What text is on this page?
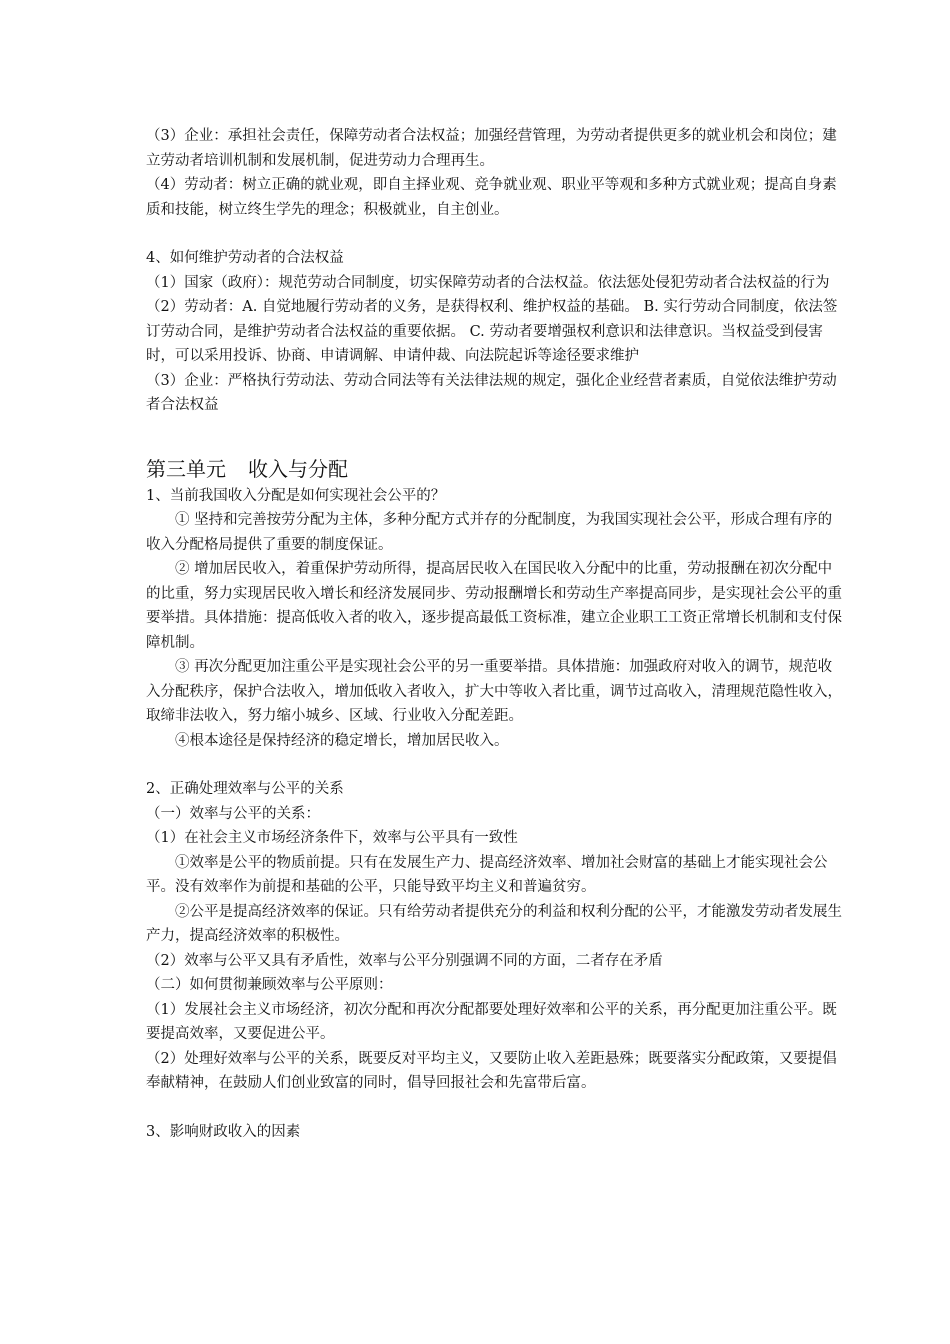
（3）企业：承担社会责任，保障劳动者合法权益；加强经营管理，为劳动者提供更多的就业机会和岗位；建立劳动者培训机制和发展机制，促进劳动力合理再生。

（4）劳动者：树立正确的就业观，即自主择业观、竞争就业观、职业平等观和多种方式就业观；提高自身素质和技能，树立终生学先的理念；积极就业，自主创业。

4、如何维护劳动者的合法权益

（1）国家（政府）：规范劳动合同制度，切实保障劳动者的合法权益。依法惩处侵犯劳动者合法权益的行为

（2）劳动者：A. 自觉地履行劳动者的义务，是获得权利、维护权益的基础。 B. 实行劳动合同制度，依法签订劳动合同，是维护劳动者合法权益的重要依据。 C. 劳动者要增强权利意识和法律意识。当权益受到侵害时，可以采用投诉、协商、申请调解、申请仲裁、向法院起诉等途径要求维护

（3）企业：严格执行劳动法、劳动合同法等有关法律法规的规定，强化企业经营者素质，自觉依法维护劳动者合法权益

第三单元 收入与分配

1、当前我国收入分配是如何实现社会公平的？

① 坚持和完善按劳分配为主体，多种分配方式并存的分配制度，为我国实现社会公平，形成合理有序的收入分配格局提供了重要的制度保证。

② 增加居民收入，着重保护劳动所得，提高居民收入在国民收入分配中的比重，劳动报酬在初次分配中的比重，努力实现居民收入增长和经济发展同步、劳动报酬增长和劳动生产率提高同步，是实现社会公平的重要举措。具体措施：提高低收入者的收入，逐步提高最低工资标准，建立企业职工工资正常增长机制和支付保障机制。

③ 再次分配更加注重公平是实现社会公平的另一重要举措。具体措施：加强政府对收入的调节，规范收入分配秩序，保护合法收入，增加低收入者收入，扩大中等收入者比重，调节过高收入，清理规范隐性收入，取缔非法收入，努力缩小城乡、区域、行业收入分配差距。

④根本途径是保持经济的稳定增长，增加居民收入。

2、正确处理效率与公平的关系

（一）效率与公平的关系：

（1）在社会主义市场经济条件下，效率与公平具有一致性

①效率是公平的物质前提。只有在发展生产力、提高经济效率、增加社会财富的基础上才能实现社会公平。没有效率作为前提和基础的公平，只能导致平均主义和普遍贫穷。

②公平是提高经济效率的保证。只有给劳动者提供充分的利益和权利分配的公平，才能激发劳动者发展生产力，提高经济效率的积极性。

（2）效率与公平又具有矛盾性，效率与公平分别强调不同的方面，二者存在矛盾

（二）如何贯彻兼顾效率与公平原则：

（1）发展社会主义市场经济，初次分配和再次分配都要处理好效率和公平的关系，再分配更加注重公平。既要提高效率，又要促进公平。

（2）处理好效率与公平的关系，既要反对平均主义，又要防止收入差距悬殊；既要落实分配政策，又要提倡奉献精神，在鼓励人们创业致富的同时，倡导回报社会和先富带后富。

3、影响财政收入的因素
